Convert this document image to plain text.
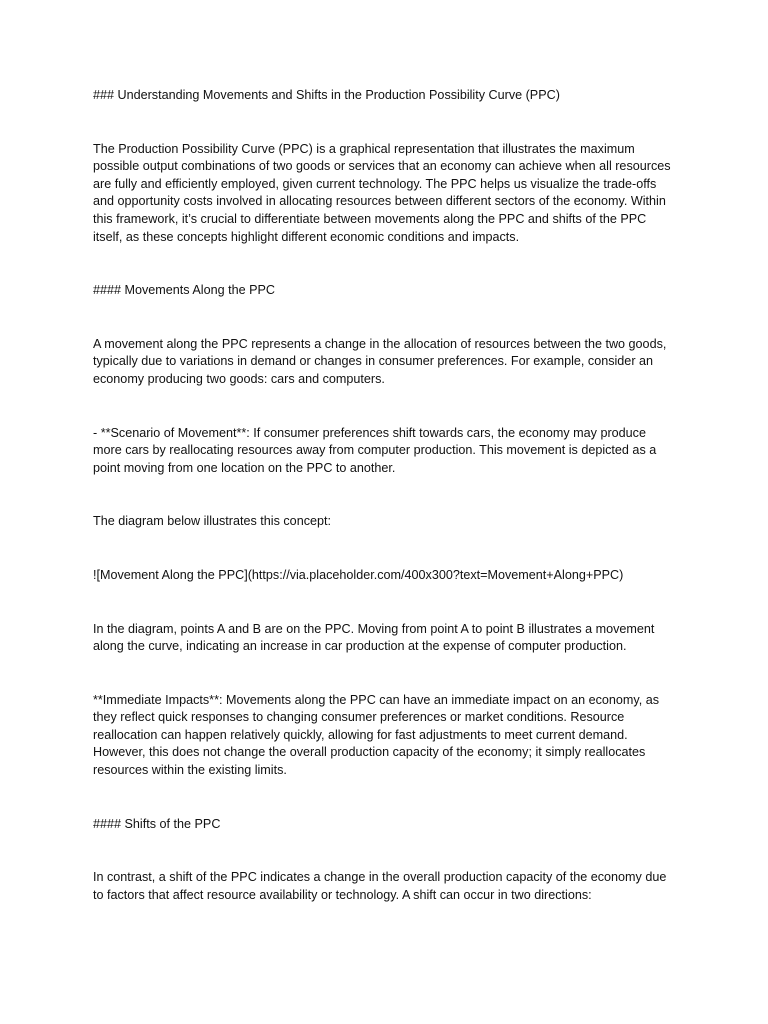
### Understanding Movements and Shifts in the Production Possibility Curve (PPC)

The Production Possibility Curve (PPC) is a graphical representation that illustrates the maximum possible output combinations of two goods or services that an economy can achieve when all resources are fully and efficiently employed, given current technology. The PPC helps us visualize the trade-offs and opportunity costs involved in allocating resources between different sectors of the economy. Within this framework, it’s crucial to differentiate between movements along the PPC and shifts of the PPC itself, as these concepts highlight different economic conditions and impacts.

#### Movements Along the PPC

A movement along the PPC represents a change in the allocation of resources between the two goods, typically due to variations in demand or changes in consumer preferences. For example, consider an economy producing two goods: cars and computers.

- **Scenario of Movement**: If consumer preferences shift towards cars, the economy may produce more cars by reallocating resources away from computer production. This movement is depicted as a point moving from one location on the PPC to another.

The diagram below illustrates this concept:

![Movement Along the PPC](https://via.placeholder.com/400x300?text=Movement+Along+PPC)

In the diagram, points A and B are on the PPC. Moving from point A to point B illustrates a movement along the curve, indicating an increase in car production at the expense of computer production.

**Immediate Impacts**: Movements along the PPC can have an immediate impact on an economy, as they reflect quick responses to changing consumer preferences or market conditions. Resource reallocation can happen relatively quickly, allowing for fast adjustments to meet current demand. However, this does not change the overall production capacity of the economy; it simply reallocates resources within the existing limits.

#### Shifts of the PPC

In contrast, a shift of the PPC indicates a change in the overall production capacity of the economy due to factors that affect resource availability or technology. A shift can occur in two directions:
